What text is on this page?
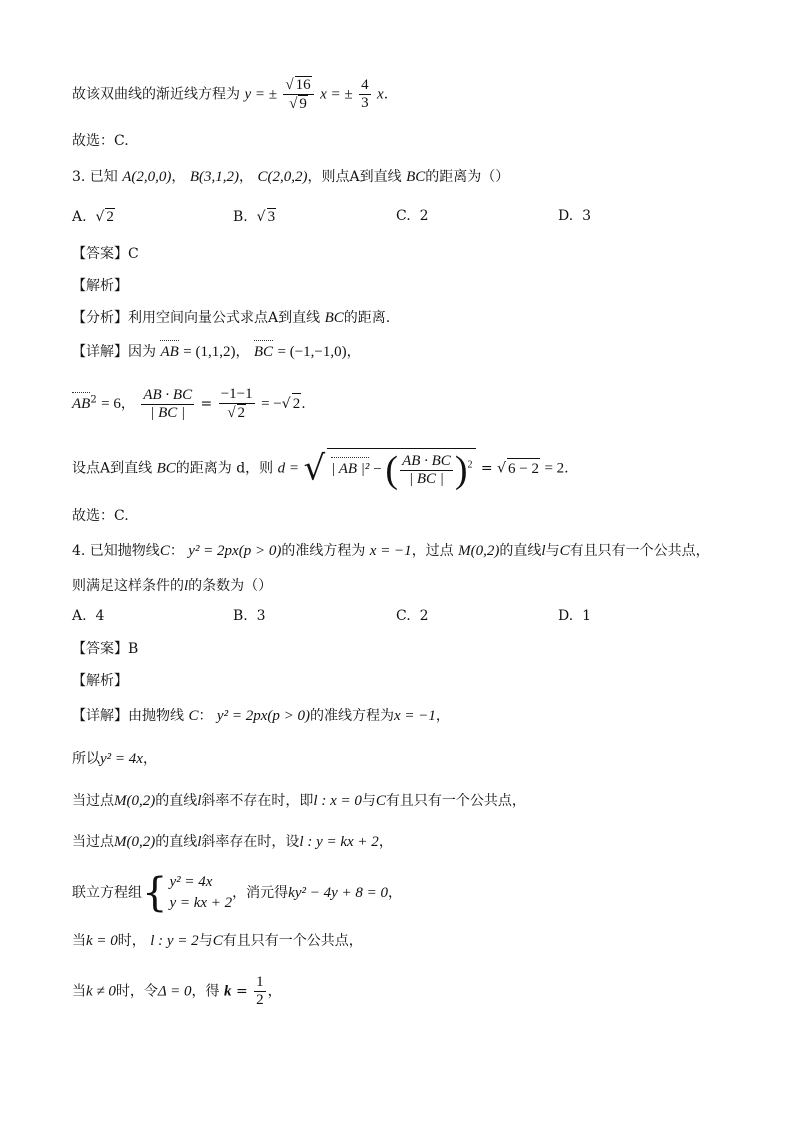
故该双曲线的渐近线方程为 y = ± $\frac{√ 16}{√ 9}$ x = ± $\frac{4}{3} x$.
故选：C.
3. 已知 A(2,0,0)， B(3,1,2)， C(2,0,2)，则点A到直线 BC的距离为（）
A.  √ 2	B.  √ 3	C. 2	D. 3
【答案】C
【解析】
【分析】利用空间向量公式求点A到直线 BC的距离.
【详解】因为 AB = (1,1,2)， BC = (−1,−1,0)，
$AB^2 = 6$， $\frac{AB \cdot BC}{| BC |} = \frac{-1-1}{√ 2}$ = −√ 2.
设点A到直线 BC的距离为 d，则 d = √ | AB |² − ( $\frac{AB \cdot BC}{| BC |} )^2$ = √ 6 − 2 = 2.
故选：C.
4. 已知抛物线C： y² = 2px(p > 0)的准线方程为 x = −1，过点 M(0,2)的直线l与C有且只有一个公共点，
则满足这样条件的l的条数为（）
A. 4	B. 3	C. 2	D. 1
【答案】B
【解析】
【详解】由抛物线 C： y² = 2px(p > 0)的准线方程为x = −1，
所以y² = 4x，
当过点M(0,2)的直线l斜率不存在时，即l : x = 0与C有且只有一个公共点，
当过点M(0,2)的直线l斜率存在时，设l : y = kx + 2，
联立方程组{ y² = 4x
y = kx + 2
，消元得ky² − 4y + 8 = 0，
当k = 0时， l : y = 2与C有且只有一个公共点，
当k ≠ 0时，令Δ = 0，得 $k = \frac{1}{2}$ ，
